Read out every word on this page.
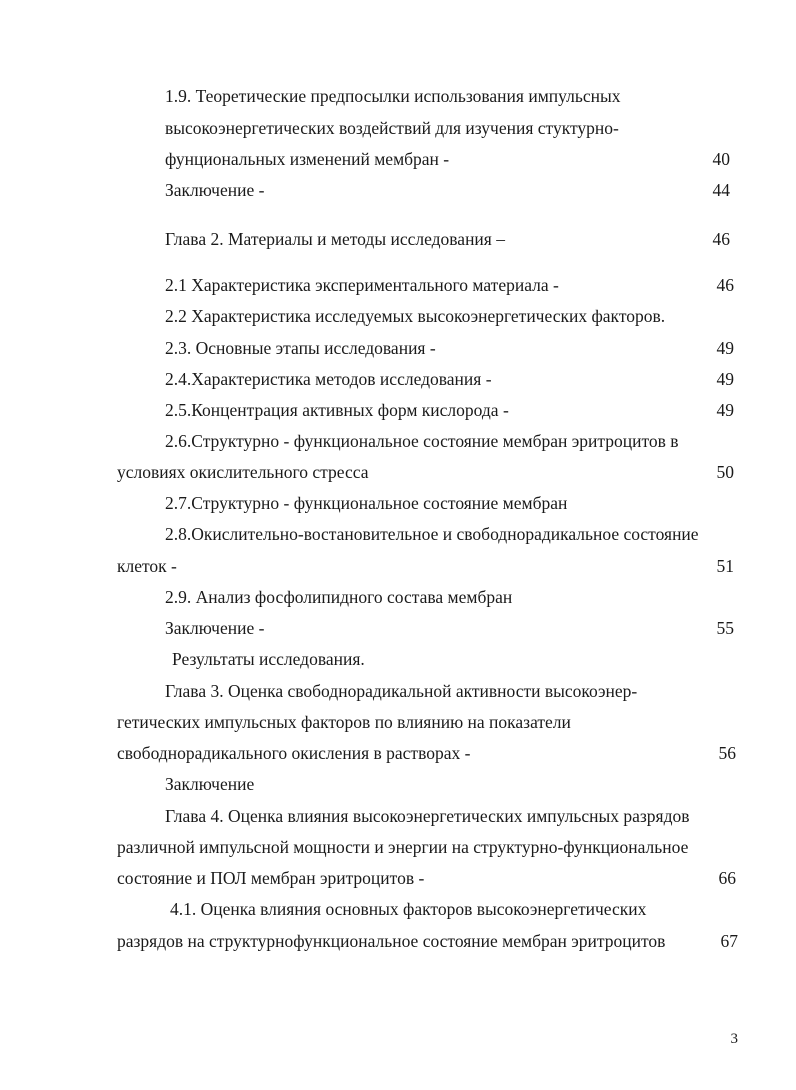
1.9. Теоретические предпосылки использования импульсных
высокоэнергетических воздействий для изучения стуктурно-
фунциональных изменений мембран -	40
Заключение -	44
Глава 2. Материалы и методы исследования –	46
2.1 Характеристика экспериментального материала -	46
2.2 Характеристика исследуемых высокоэнергетических факторов.
2.3. Основные этапы исследования -	49
2.4.Характеристика методов исследования -	49
2.5.Концентрация активных форм кислорода -	49
2.6.Структурно - функциональное состояние мембран эритроцитов в
условиях окислительного стресса	50
2.7.Структурно - функциональное состояние мембран
2.8.Окислительно-востановительное и свободнорадикальное состояние
клеток -	51
2.9. Анализ фосфолипидного состава мембран
Заключение -	55
Результаты исследования.
Глава 3. Оценка свободнорадикальной активности высокоэнер-
гетических импульсных факторов по влиянию на показатели
свободнорадикального окисления в растворах -	56
Заключение
Глава 4. Оценка влияния высокоэнергетических импульсных разрядов
различной импульсной мощности и энергии на структурно-функциональное
состояние и ПОЛ мембран эритроцитов -	66
4.1. Оценка влияния основных факторов высокоэнергетических
разрядов на структурнофункциональное состояние мембран эритроцитов	67
3
